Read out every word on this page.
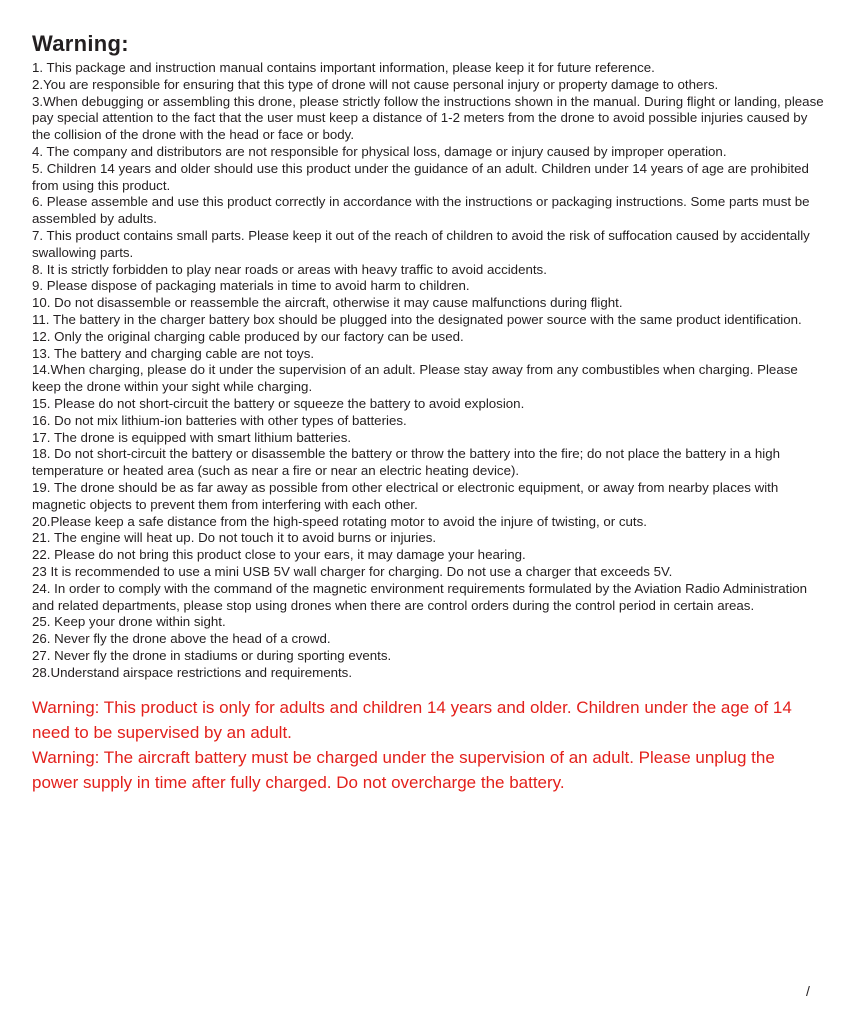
Warning:
1. This package and instruction manual contains important information, please keep it for future reference.
2.You are responsible for ensuring that this type of drone will not cause personal injury or property damage to others.
3.When debugging or assembling this drone, please strictly follow the instructions shown in the manual. During flight or landing, please pay special attention to the fact that the user must keep a distance of 1-2 meters from the drone to avoid possible injuries caused by the collision of the drone with the head or face or body.
4. The company and distributors are not responsible for physical loss, damage or injury caused by improper operation.
5. Children 14 years and older should use this product under the guidance of an adult. Children under 14 years of age are prohibited from using this product.
6. Please assemble and use this product correctly in accordance with the instructions or packaging instructions. Some parts must be assembled by adults.
7. This product contains small parts. Please keep it out of the reach of children to avoid the risk of suffocation caused by accidentally swallowing parts.
8. It is strictly forbidden to play near roads or areas with heavy traffic to avoid accidents.
9. Please dispose of packaging materials in time to avoid harm to children.
10. Do not disassemble or reassemble the aircraft, otherwise it may cause malfunctions during flight.
11. The battery in the charger battery box should be plugged into the designated power source with the same product identification.
12. Only the original charging cable produced by our factory can be used.
13. The battery and charging cable are not toys.
14.When charging, please do it under the supervision of an adult. Please stay away from any combustibles when charging. Please keep the drone within your sight while charging.
15. Please do not short-circuit the battery or squeeze the battery to avoid explosion.
16. Do not mix lithium-ion batteries with other types of batteries.
17. The drone is equipped with smart lithium batteries.
18. Do not short-circuit the battery or disassemble the battery or throw the battery into the fire; do not place the battery in a high temperature or heated area (such as near a fire or near an electric heating device).
19. The drone should be as far away as possible from other electrical or electronic equipment, or away from nearby places with magnetic objects to prevent them from interfering with each other.
20.Please keep a safe distance from the high-speed rotating motor to avoid the injure of twisting, or cuts.
21. The engine will heat up. Do not touch it to avoid burns or injuries.
22. Please do not bring this product close to your ears, it may damage your hearing.
23 It is recommended to use a mini USB 5V wall charger for charging. Do not use a charger that exceeds 5V.
24. In order to comply with the command of the magnetic environment requirements formulated by the Aviation Radio Administration and related departments, please stop using drones when there are control orders during the control period in certain areas.
25. Keep your drone within sight.
26. Never fly the drone above the head of a crowd.
27. Never fly the drone in stadiums or during sporting events.
28.Understand airspace restrictions and requirements.

Warning: This product is only for adults and children 14 years and older. Children under the age of 14 need to be supervised by an adult.

Warning: The aircraft battery must be charged under the supervision of an adult. Please unplug the power supply in time after fully charged. Do not overcharge the battery.

/
